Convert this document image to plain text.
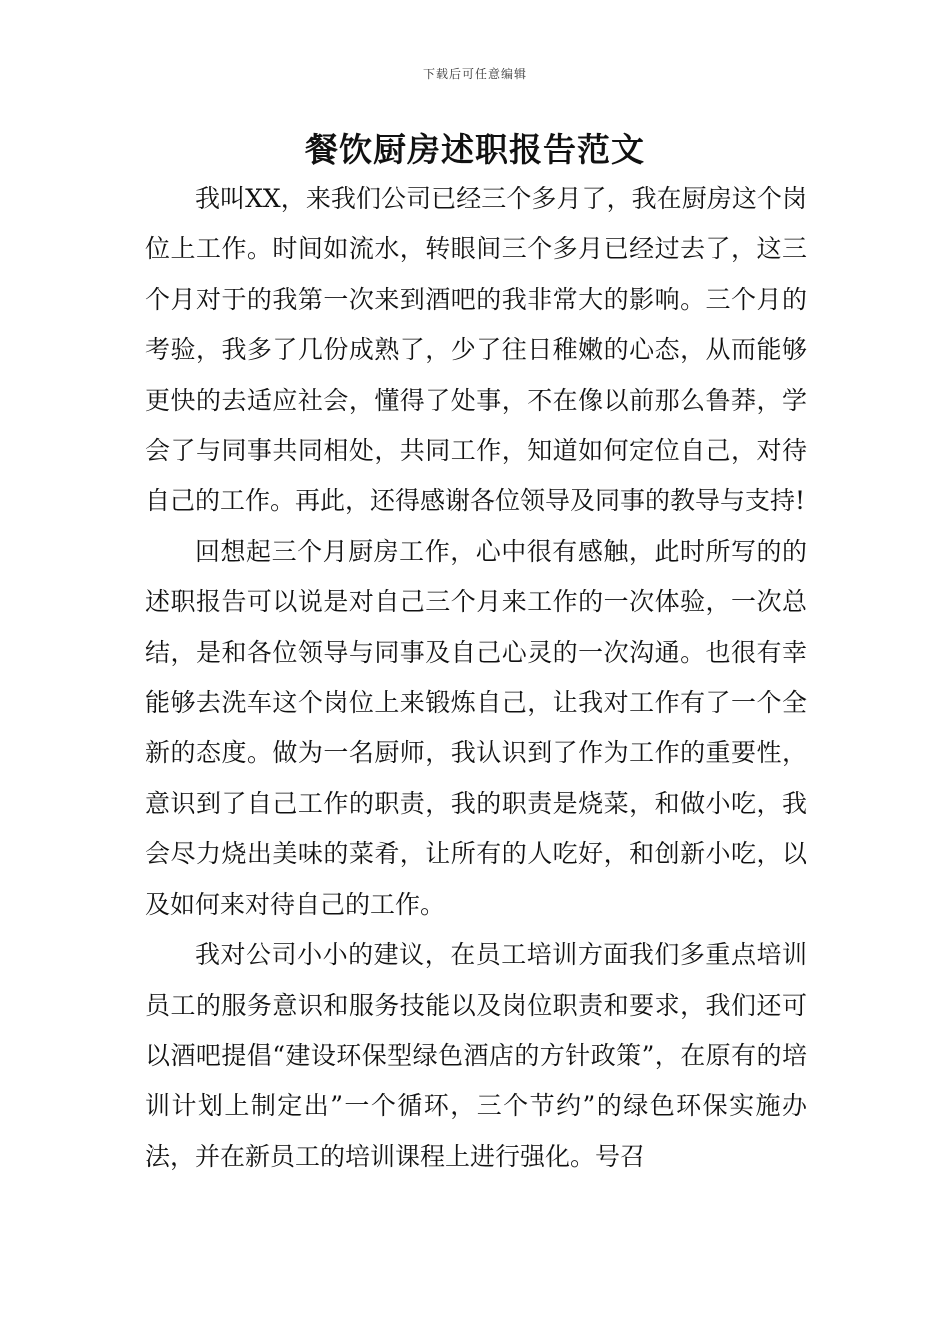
下载后可任意编辑
餐饮厨房述职报告范文

我叫XX，来我们公司已经三个多月了，我在厨房这个岗位上工作。时间如流水，转眼间三个多月已经过去了，这三个月对于的我第一次来到酒吧的我非常大的影响。三个月的考验，我多了几份成熟了，少了往日稚嫩的心态，从而能够更快的去适应社会，懂得了处事，不在像以前那么鲁莽，学会了与同事共同相处，共同工作，知道如何定位自己，对待自己的工作。再此，还得感谢各位领导及同事的教导与支持!

回想起三个月厨房工作，心中很有感触，此时所写的的述职报告可以说是对自己三个月来工作的一次体验，一次总结，是和各位领导与同事及自己心灵的一次沟通。也很有幸能够去洗车这个岗位上来锻炼自己，让我对工作有了一个全新的态度。做为一名厨师，我认识到了作为工作的重要性，意识到了自己工作的职责，我的职责是烧菜，和做小吃，我会尽力烧出美味的菜肴，让所有的人吃好，和创新小吃，以及如何来对待自己的工作。

我对公司小小的建议，在员工培训方面我们多重点培训员工的服务意识和服务技能以及岗位职责和要求，我们还可以酒吧提倡“建设环保型绿色酒店的方针政策”，在原有的培训计划上制定出”一个循环，三个节约”的绿色环保实施办法，并在新员工的培训课程上进行强化。号召
